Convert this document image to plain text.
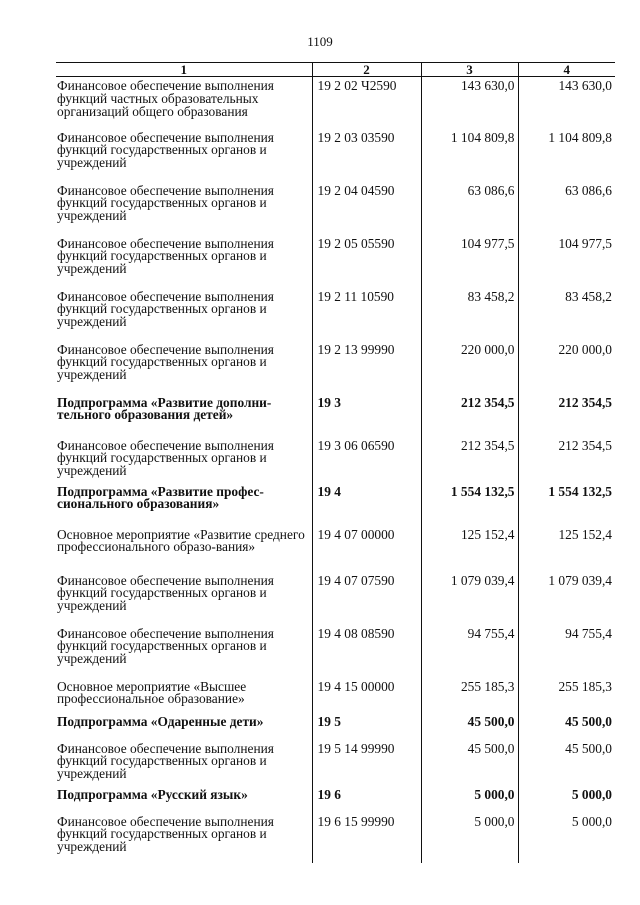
1109
1	2	3	4

Финансовое обеспечение выполнения функций частных образовательных организаций общего образования	19 2 02 Ч2590	143 630,0	143 630,0

Финансовое обеспечение выполнения функций государственных органов и учреждений	19 2 03 03590	1 104 809,8	1 104 809,8

Финансовое обеспечение выполнения функций государственных органов и учреждений	19 2 04 04590	63 086,6	63 086,6

Финансовое обеспечение выполнения функций государственных органов и учреждений	19 2 05 05590	104 977,5	104 977,5

Финансовое обеспечение выполнения функций государственных органов и учреждений	19 2 11 10590	83 458,2	83 458,2

Финансовое обеспечение выполнения функций государственных органов и учреждений	19 2 13 99990	220 000,0	220 000,0

Подпрограмма «Развитие дополни-тельного образования детей»	19 3	212 354,5	212 354,5

Финансовое обеспечение выполнения функций государственных органов и учреждений	19 3 06 06590	212 354,5	212 354,5

Подпрограмма «Развитие профес-сионального образования»	19 4	1 554 132,5	1 554 132,5

Основное мероприятие «Развитие среднего профессионального образо-вания»	19 4 07 00000	125 152,4	125 152,4

Финансовое обеспечение выполнения функций государственных органов и учреждений	19 4 07 07590	1 079 039,4	1 079 039,4

Финансовое обеспечение выполнения функций государственных органов и учреждений	19 4 08 08590	94 755,4	94 755,4

Основное мероприятие «Высшее профессиональное образование»	19 4 15 00000	255 185,3	255 185,3

Подпрограмма «Одаренные дети»	19 5	45 500,0	45 500,0

Финансовое обеспечение выполнения функций государственных органов и учреждений	19 5 14 99990	45 500,0	45 500,0

Подпрограмма «Русский язык»	19 6	5 000,0	5 000,0

Финансовое обеспечение выполнения функций государственных органов и учреждений	19 6 15 99990	5 000,0	5 000,0
